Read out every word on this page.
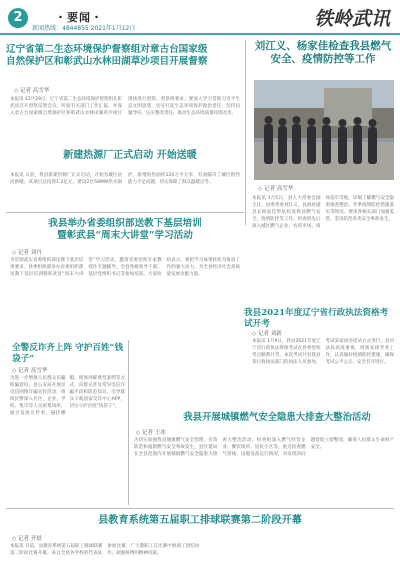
2	・要闻・
新闻热线：4844855 2021年1月12日	铁岭武讯
辽宁省第二生态环境保护督察组对章古台国家级
自然保护区和彰武山水林田湖草沙项目开展督察
◇ 记者 高雪华
本报讯 12月29日，辽宁省第二生态环境保护督察组在彰武县召开督察反馈会议，听取有关部门工作汇报，并深入章古台国家级自然保护区和彰武山水林田湖草沙项目现场进行督察。督察组要求，要深入学习贯彻习近平生态文明思想，切实扛起生态环境保护政治责任，坚持问题导向，压实整改责任，推动生态环境质量持续改善。
刘江义、杨家佳检查我县燃气安全、疫情防控等工作
◇ 记者 高雪华
新建热源厂正式启动 开始送暖
本报讯 日前，我县新建热源厂正式启动，开始为城区居民供暖。该项目总投资1.2亿元，建设2台58MW热水锅炉，新增供热面积120万平方米，有效解决了城区供热能力不足问题，切实保障了群众温暖过冬。
我县举办省委组织部送教下基层培训
暨彰武县“周末大讲堂”学习活动
◇ 记者 刘丹
为贯彻落实省委组织部送教下基层培训要求，县委组织部举办省委组织部送教下基层培训暨彰武县“周末大讲堂”学习活动，邀请省委党校专家教授作专题辅导。全县各级领导干部、基层党组织书记等参加培训。大家纷纷表示，要把学习成果转化为推动工作的强大动力，为全县经济社会高质量发展贡献力量。
本报讯 1月5日，县人大常委会副主任、县委常委刘江义，县政府副县长杨家佳带队检查我县燃气安全、疫情防控等工作。检查组先后深入城区燃气企业、农贸市场、商场超市等地，详细了解燃气安全隐患排查整治、冬季疫情防控措施落实等情况，要求各相关部门加强监管，坚决防范各类安全事故发生。
我县2021年度辽宁省行政执法资格考试开考
◇ 记者 刘新
本报讯 1月9日，我县2021年度辽宁省行政执法资格考试在县委党校考点顺利开考。本次考试共有我县各行政执法部门的执法人员参加，考试采取闭卷笔试方式进行。县司法局高度重视，周密安排考务工作，认真做好疫情防控措施，确保考试公平公正、安全有序进行。
全警反诈齐上阵 守护百姓“钱袋子”
◇ 记者 高雪华
为进一步增强人民群众识骗防骗意识，县公安局开展反电信网络诈骗宣传活动，组织民警深入社区、企业、学校、集市等人员密集场所，通过发放宣传单、悬挂横幅、现场讲解典型案例等方式，向群众普及常见电信诈骗手段和防范知识，引导群众下载国家反诈中心APP，切实守护百姓“钱袋子”。
我县开展城镇燃气安全隐患大排查大整治活动
◇ 记者 王冰
为切实加强我县城镇燃气安全管理，有效防范和遏制燃气安全事故发生，县住建局在全县范围内开展城镇燃气安全隐患大排查大整治活动。检查组深入燃气经营企业、餐饮场所、居民小区等，重点检查燃气管线、设施设备运行情况，对发现的问题督促立即整改，确保人民群众生命财产安全。
县教育系统第五届职工排球联赛第二阶段开幕
◇ 记者 齐晨
本报讯 日前，县教育系统第五届职工排球联赛第二阶段比赛开幕。来自全县各学校的代表队参加比赛，广大教职工在比赛中展现了团结协作、顽强拼搏的精神风貌。
